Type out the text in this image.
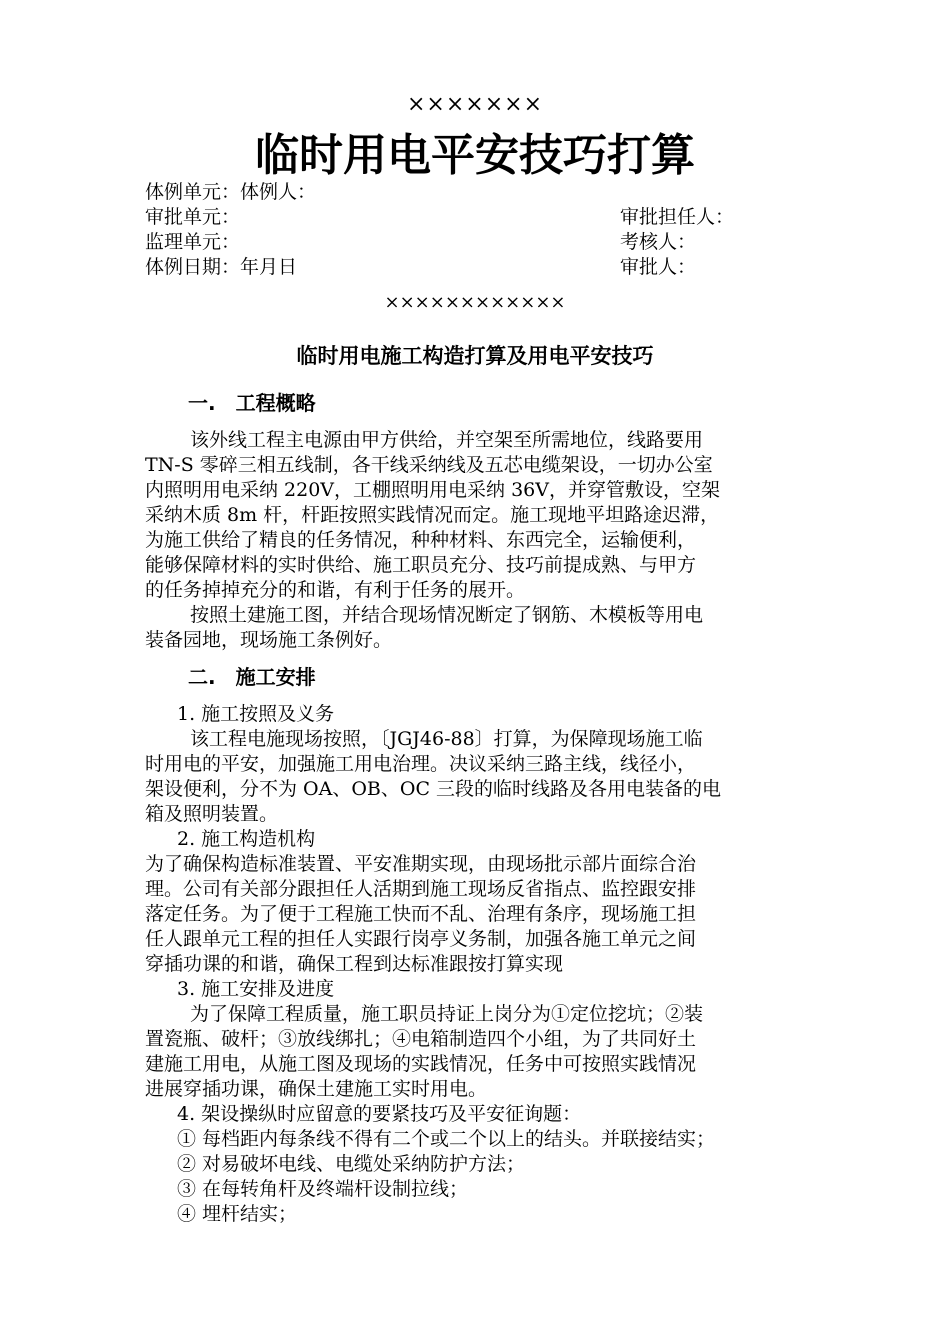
×××××××
临时用电平安技巧打算
体例单元：体例人：
审批单元：
监理单元：
体例日期：年月日
审批担任人：
考核人：
审批人：
××××××××××××
临时用电施工构造打算及用电平安技巧
一.　工程概略
该外线工程主电源由甲方供给，并空架至所需地位，线路要用
TN-S 零碎三相五线制，各干线采纳线及五芯电缆架设，一切办公室
内照明用电采纳 220V，工棚照明用电采纳 36V，并穿管敷设，空架
采纳木质 8m 杆，杆距按照实践情况而定。施工现地平坦路途迟滞，
为施工供给了精良的任务情况，种种材料、东西完全，运输便利，
能够保障材料的实时供给、施工职员充分、技巧前提成熟、与甲方
的任务掉掉充分的和谐，有利于任务的展开。
按照土建施工图，并结合现场情况断定了钢筋、木模板等用电
装备园地，现场施工条例好。
二.　施工安排
1. 施工按照及义务
该工程电施现场按照，〔JGJ46-88〕打算，为保障现场施工临
时用电的平安，加强施工用电治理。决议采纳三路主线，线径小，
架设便利，分不为 OA、OB、OC 三段的临时线路及各用电装备的电
箱及照明装置。
2. 施工构造机构
为了确保构造标准装置、平安准期实现，由现场批示部片面综合治
理。公司有关部分跟担任人活期到施工现场反省指点、监控跟安排
落定任务。为了便于工程施工快而不乱、治理有条序，现场施工担
任人跟单元工程的担任人实跟行岗亭义务制，加强各施工单元之间
穿插功课的和谐，确保工程到达标准跟按打算实现
3. 施工安排及进度
为了保障工程质量，施工职员持证上岗分为①定位挖坑；②装
置瓷瓶、破杆；③放线绑扎；④电箱制造四个小组，为了共同好土
建施工用电，从施工图及现场的实践情况，任务中可按照实践情况
进展穿插功课，确保土建施工实时用电。
4. 架设操纵时应留意的要紧技巧及平安征询题：
① 每档距内每条线不得有二个或二个以上的结头。并联接结实；
② 对易破坏电线、电缆处采纳防护方法；
③ 在每转角杆及终端杆设制拉线；
④ 埋杆结实；
